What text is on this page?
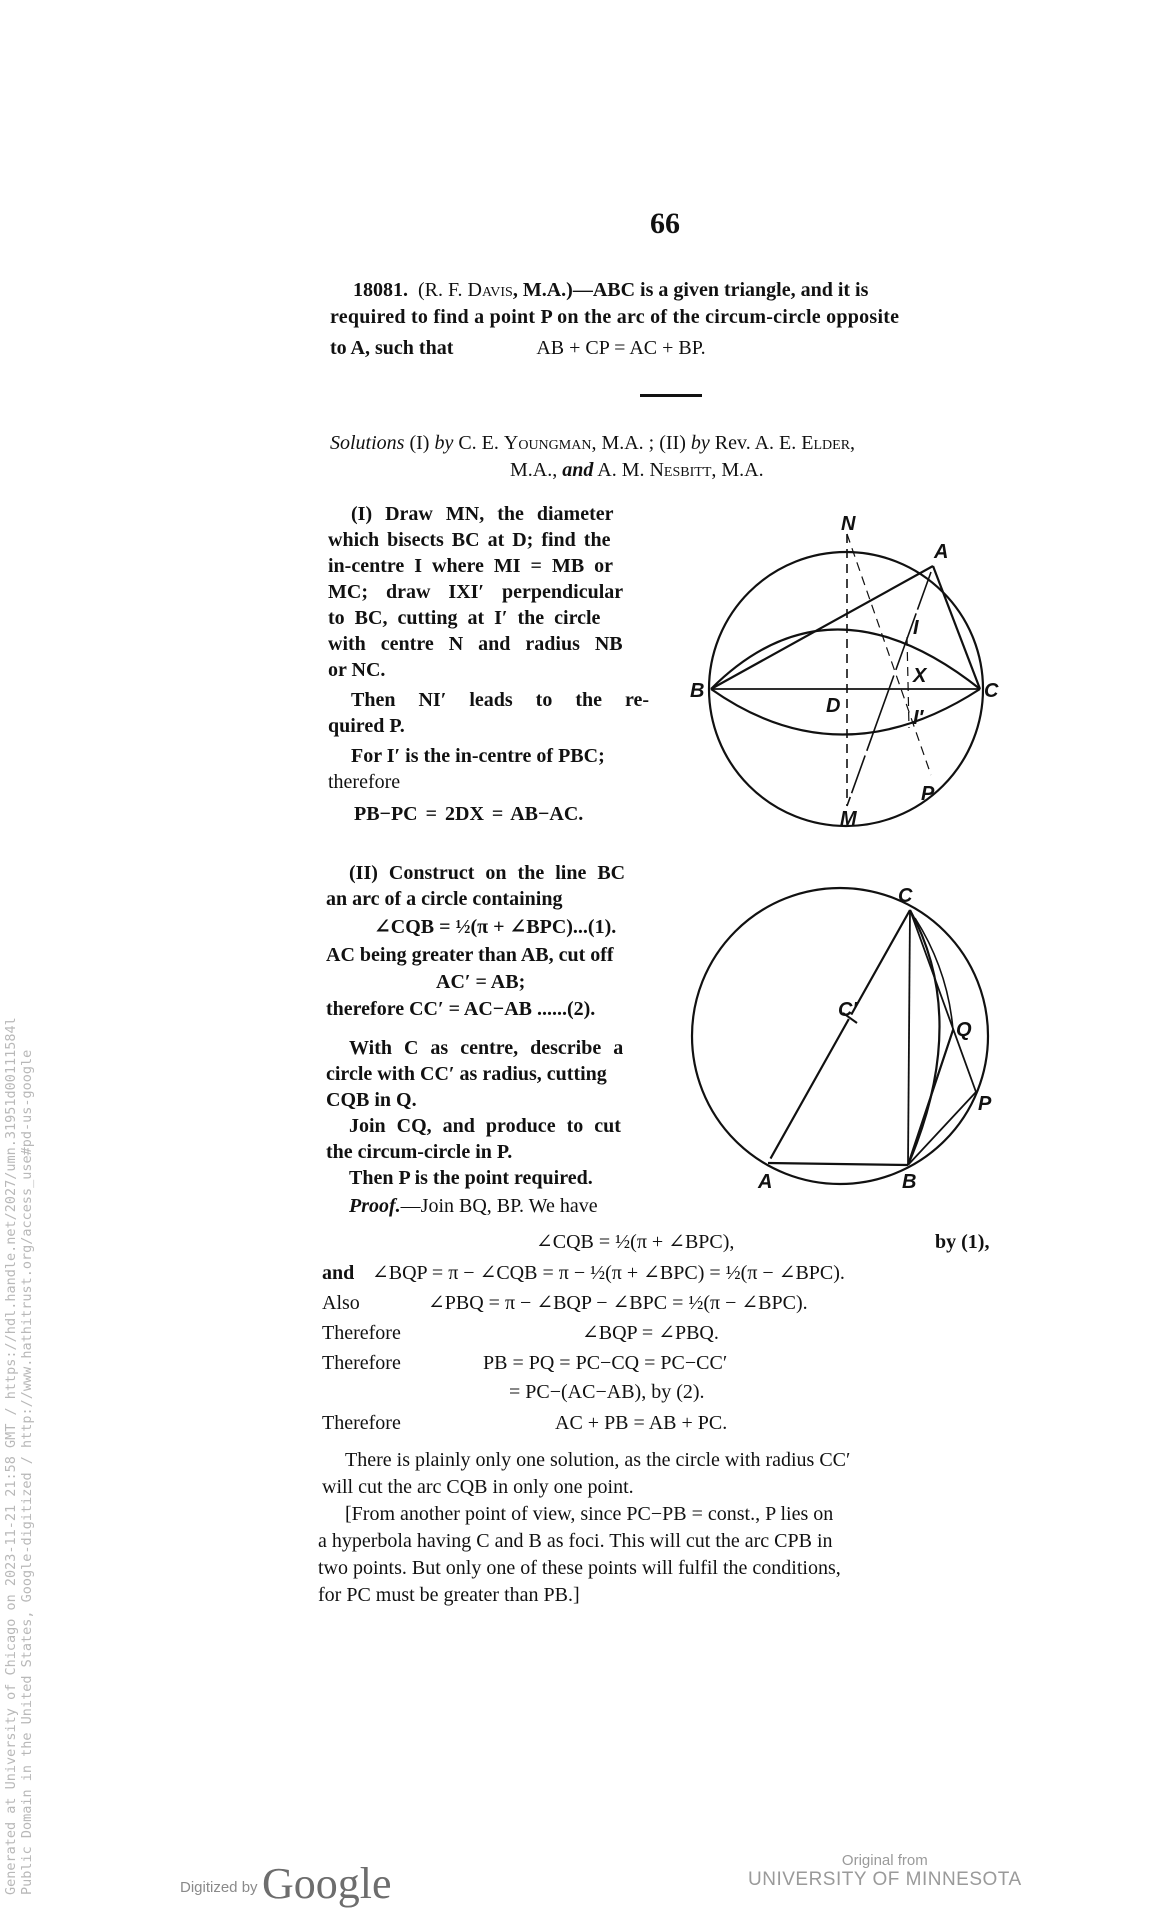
66
18081. (R. F. Davis, M.A.)—ABC is a given triangle, and it is
required to find a point P on the arc of the circum-circle opposite
to A, such that	AB + CP = AC + BP.
Solutions (I) by C. E. Youngman, M.A. ; (II) by Rev. A. E. Elder,
M.A., and A. M. Nesbitt, M.A.
(I) Draw MN, the diameter
which bisects BC at D; find the
in-centre I where MI = MB or
MC; draw IXI′ perpendicular
to BC, cutting at I′ the circle
with centre N and radius NB
or NC.
Then NI′ leads to the re-
quired P.
For I′ is the in-centre of PBC;
therefore
PB−PC = 2DX = AB−AC.
N
A
I
B	C
D
X
I′
P
M
(II) Construct on the line BC
an arc of a circle containing
∠CQB = ½(π + ∠BPC)...(1).
AC being greater than AB, cut off
AC′ = AB;
therefore CC′ = AC−AB ......(2).
With C as centre, describe a
circle with CC′ as radius, cutting
CQB in Q.
Join CQ, and produce to cut
the circum-circle in P.
Then P is the point required.
Proof.—Join BQ, BP. We have
C
C′
Q
P
A	B
∠CQB = ½(π + ∠BPC),	by (1),
and ∠BQP = π − ∠CQB = π − ½(π + ∠BPC) = ½(π − ∠BPC).
Also	∠PBQ = π − ∠BQP − ∠BPC = ½(π − ∠BPC).
Therefore	∠BQP = ∠PBQ.
Therefore	PB = PQ = PC−CQ = PC−CC′
= PC−(AC−AB), by (2).
Therefore	AC + PB = AB + PC.
There is plainly only one solution, as the circle with radius CC′
will cut the arc CQB in only one point.
[From another point of view, since PC−PB = const., P lies on
a hyperbola having C and B as foci. This will cut the arc CPB in
two points. But only one of these points will fulfil the conditions,
for PC must be greater than PB.]
Generated at University of Chicago on 2023-11-21 21:58 GMT / https://hdl.handle.net/2027/umn.31951d00111584l Public Domain in the United States, Google-digitized / http://www.hathitrust.org/access_use#pd-us-google	Digitized by Google	Original from
UNIVERSITY OF MINNESOTA
